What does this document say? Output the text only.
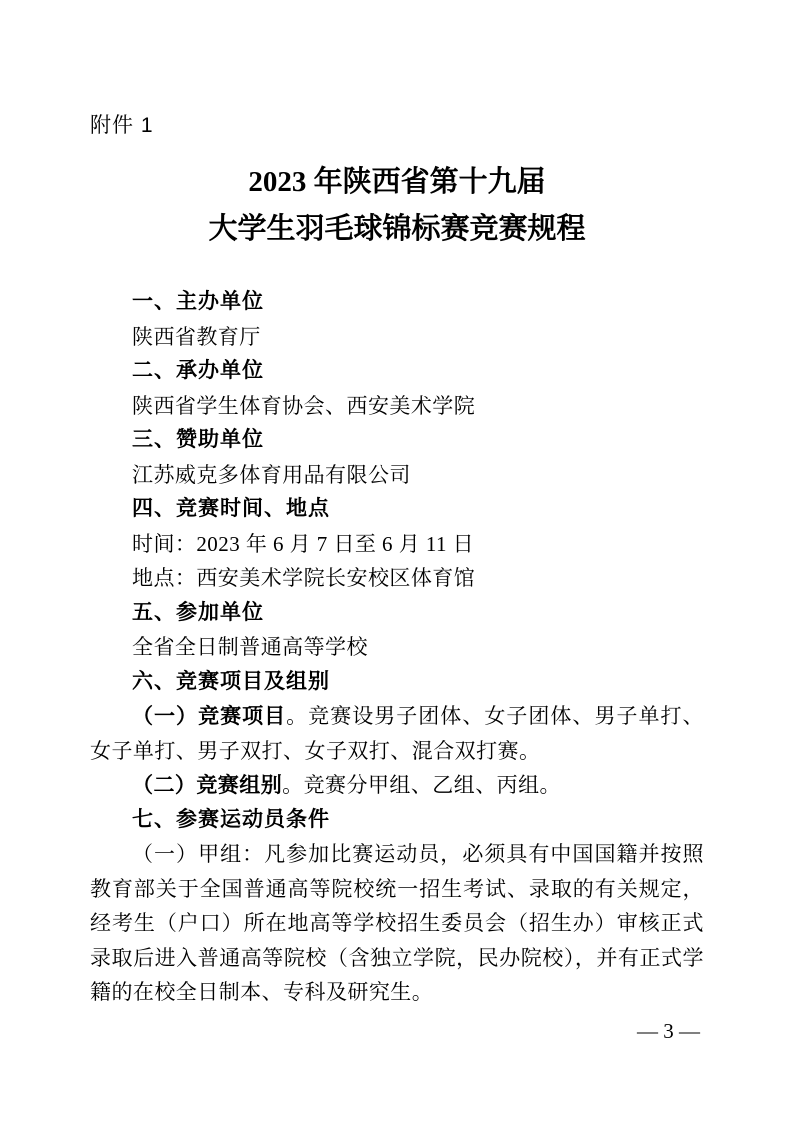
附件 1
2023 年陕西省第十九届
大学生羽毛球锦标赛竞赛规程
一、主办单位
陕西省教育厅
二、承办单位
陕西省学生体育协会、西安美术学院
三、赞助单位
江苏威克多体育用品有限公司
四、竞赛时间、地点
时间：2023 年 6 月 7 日至 6 月 11 日
地点：西安美术学院长安校区体育馆
五、参加单位
全省全日制普通高等学校
六、竞赛项目及组别
（一）竞赛项目。竞赛设男子团体、女子团体、男子单打、女子单打、男子双打、女子双打、混合双打赛。
（二）竞赛组别。竞赛分甲组、乙组、丙组。
七、参赛运动员条件
（一）甲组：凡参加比赛运动员，必须具有中国国籍并按照教育部关于全国普通高等院校统一招生考试、录取的有关规定，经考生（户口）所在地高等学校招生委员会（招生办）审核正式录取后进入普通高等院校（含独立学院，民办院校），并有正式学籍的在校全日制本、专科及研究生。
— 3 —
